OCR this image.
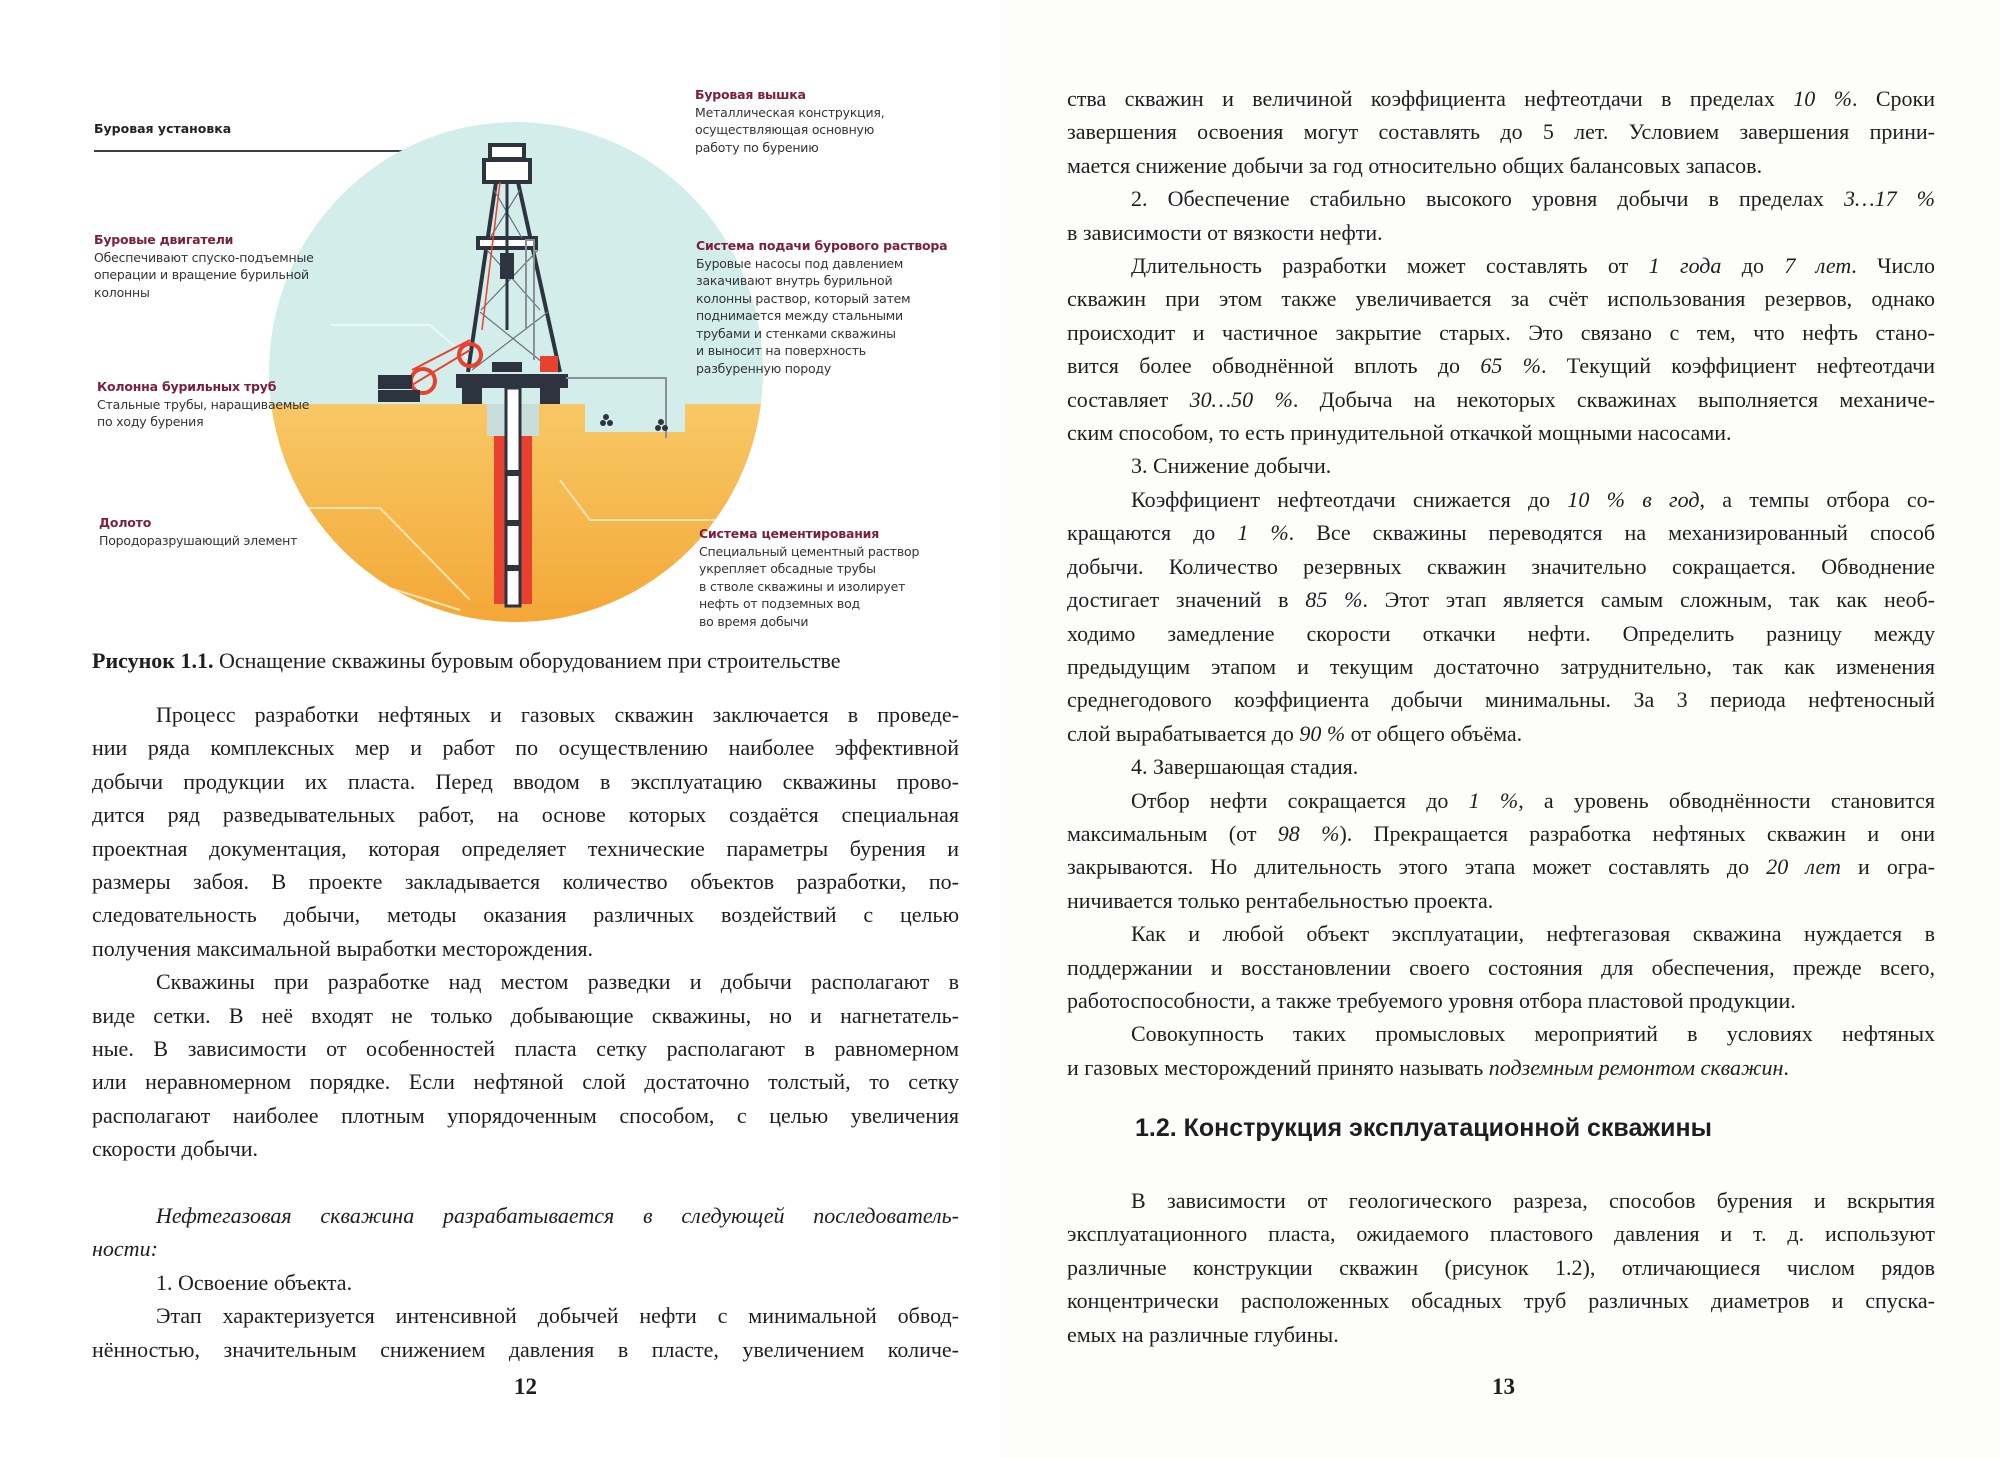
Буровая установка
Буровая вышка
Металлическая конструкция,
осуществляющая основную
работу по бурению
Буровые двигатели
Обеспечивают спуско-подъемные
операции и вращение бурильной
колонны
Система подачи бурового раствора
Буровые насосы под давлением
закачивают внутрь бурильной
колонны раствор, который затем
поднимается между стальными
трубами и стенками скважины
и выносит на поверхность
разбуренную породу
Колонна бурильных труб
Стальные трубы, наращиваемые
по ходу бурения
Долото
Породоразрушающий элемент	Система цементирования
Специальный цементный раствор
укрепляет обсадные трубы
в стволе скважины и изолирует
нефть от подземных вод
во время добычи
Рисунок 1.1. Оснащение скважины буровым оборудованием при строительстве
Процесс разработки нефтяных и газовых скважин заключается в проведе-
нии ряда комплексных мер и работ по осуществлению наиболее эффективной
добычи продукции их пласта. Перед вводом в эксплуатацию скважины прово-
дится ряд разведывательных работ, на основе которых создаётся специальная
проектная документация, которая определяет технические параметры бурения и
размеры забоя. В проекте закладывается количество объектов разработки, по-
следовательность добычи, методы оказания различных воздействий с целью
получения максимальной выработки месторождения.
Скважины при разработке над местом разведки и добычи располагают в
виде сетки. В неё входят не только добывающие скважины, но и нагнетатель-
ные. В зависимости от особенностей пласта сетку располагают в равномерном
или неравномерном порядке. Если нефтяной слой достаточно толстый, то сетку
располагают наиболее плотным упорядоченным способом, с целью увеличения
скорости добычи.
Нефтегазовая скважина разрабатывается в следующей последователь-
ности:
1. Освоение объекта.
Этап характеризуется интенсивной добычей нефти с минимальной обвод-
нённостью, значительным снижением давления в пласте, увеличением количе-
12
ства скважин и величиной коэффициента нефтеотдачи в пределах 10 %. Сроки
завершения освоения могут составлять до 5 лет. Условием завершения прини-
мается снижение добычи за год относительно общих балансовых запасов.
2. Обеспечение стабильно высокого уровня добычи в пределах 3…17 %
в зависимости от вязкости нефти.
Длительность разработки может составлять от 1 года до 7 лет. Число
скважин при этом также увеличивается за счёт использования резервов, однако
происходит и частичное закрытие старых. Это связано с тем, что нефть стано-
вится более обводнённой вплоть до 65 %. Текущий коэффициент нефтеотдачи
составляет 30…50 %. Добыча на некоторых скважинах выполняется механиче-
ским способом, то есть принудительной откачкой мощными насосами.
3. Снижение добычи.
Коэффициент нефтеотдачи снижается до 10 % в год, а темпы отбора со-
кращаются до 1 %. Все скважины переводятся на механизированный способ
добычи. Количество резервных скважин значительно сокращается. Обводнение
достигает значений в 85 %. Этот этап является самым сложным, так как необ-
ходимо замедление скорости откачки нефти. Определить разницу между
предыдущим этапом и текущим достаточно затруднительно, так как изменения
среднегодового коэффициента добычи минимальны. За 3 периода нефтеносный
слой вырабатывается до 90 % от общего объёма.
4. Завершающая стадия.
Отбор нефти сокращается до 1 %, а уровень обводнённости становится
максимальным (от 98 %). Прекращается разработка нефтяных скважин и они
закрываются. Но длительность этого этапа может составлять до 20 лет и огра-
ничивается только рентабельностью проекта.
Как и любой объект эксплуатации, нефтегазовая скважина нуждается в
поддержании и восстановлении своего состояния для обеспечения, прежде всего,
работоспособности, а также требуемого уровня отбора пластовой продукции.
Совокупность таких промысловых мероприятий в условиях нефтяных
и газовых месторождений принято называть подземным ремонтом скважин.
1.2. Конструкция эксплуатационной скважины
В зависимости от геологического разреза, способов бурения и вскрытия
эксплуатационного пласта, ожидаемого пластового давления и т. д. используют
различные конструкции скважин (рисунок 1.2), отличающиеся числом рядов
концентрически расположенных обсадных труб различных диаметров и спуска-
емых на различные глубины.
13
